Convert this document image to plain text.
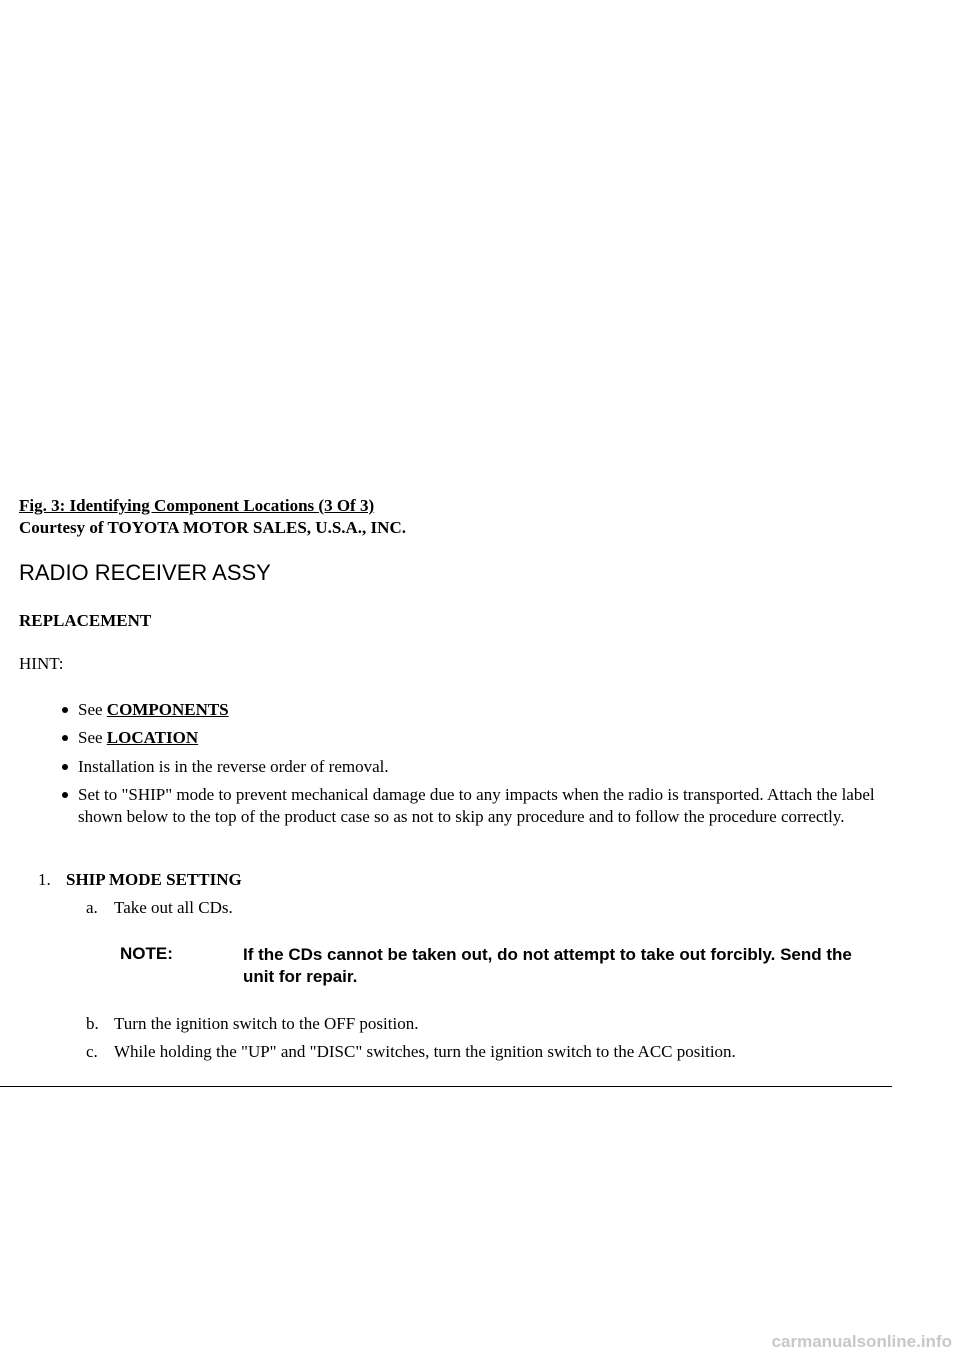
Fig. 3: Identifying Component Locations (3 Of 3)
Courtesy of TOYOTA MOTOR SALES, U.S.A., INC.
RADIO RECEIVER ASSY
REPLACEMENT
HINT:
See COMPONENTS
See LOCATION
Installation is in the reverse order of removal.
Set to "SHIP" mode to prevent mechanical damage due to any impacts when the radio is transported. Attach the label shown below to the top of the product case so as not to skip any procedure and to follow the procedure correctly.
1. SHIP MODE SETTING
a. Take out all CDs.
NOTE:	If the CDs cannot be taken out, do not attempt to take out forcibly. Send the unit for repair.
b. Turn the ignition switch to the OFF position.
c. While holding the "UP" and "DISC" switches, turn the ignition switch to the ACC position.
carmanualsonline.info
